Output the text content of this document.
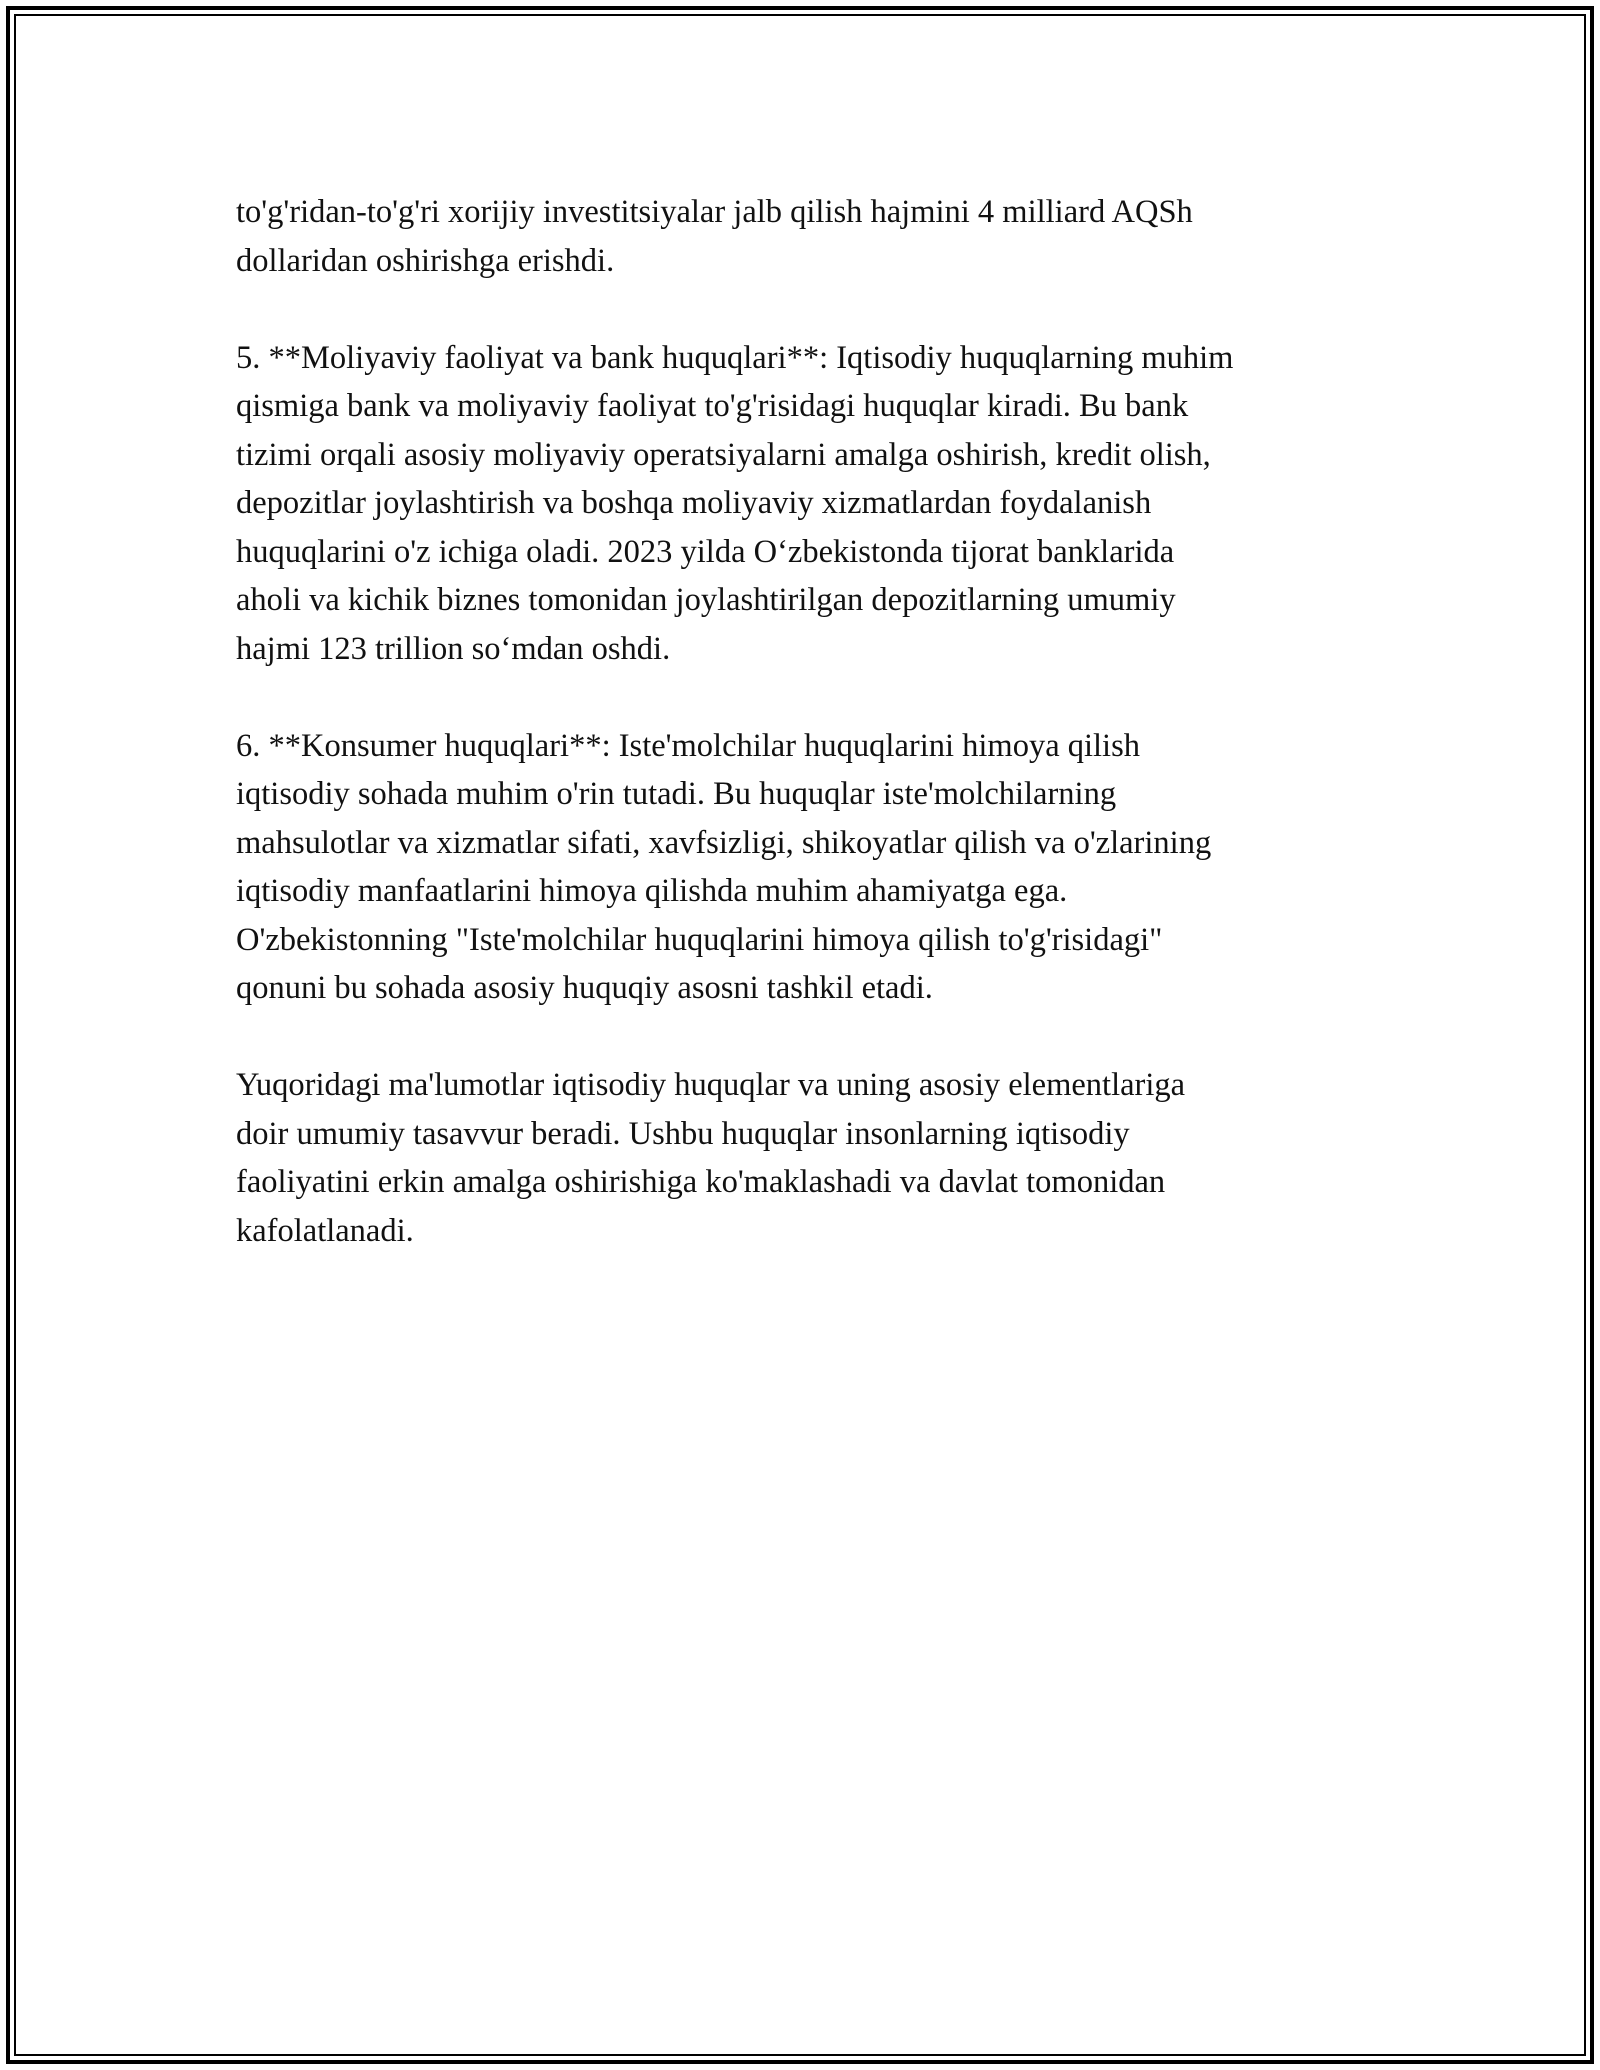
to'g'ridan-to'g'ri xorijiy investitsiyalar jalb qilish hajmini 4 milliard AQSh
dollaridan oshirishga erishdi.

5. **Moliyaviy faoliyat va bank huquqlari**: Iqtisodiy huquqlarning muhim
qismiga bank va moliyaviy faoliyat to'g'risidagi huquqlar kiradi. Bu bank
tizimi orqali asosiy moliyaviy operatsiyalarni amalga oshirish, kredit olish,
depozitlar joylashtirish va boshqa moliyaviy xizmatlardan foydalanish
huquqlarini o'z ichiga oladi. 2023 yilda O‘zbekistonda tijorat banklarida
aholi va kichik biznes tomonidan joylashtirilgan depozitlarning umumiy
hajmi 123 trillion so‘mdan oshdi.

6. **Konsumer huquqlari**: Iste'molchilar huquqlarini himoya qilish
iqtisodiy sohada muhim o'rin tutadi. Bu huquqlar iste'molchilarning
mahsulotlar va xizmatlar sifati, xavfsizligi, shikoyatlar qilish va o'zlarining
iqtisodiy manfaatlarini himoya qilishda muhim ahamiyatga ega.
O'zbekistonning "Iste'molchilar huquqlarini himoya qilish to'g'risidagi"
qonuni bu sohada asosiy huquqiy asosni tashkil etadi.

Yuqoridagi ma'lumotlar iqtisodiy huquqlar va uning asosiy elementlariga
doir umumiy tasavvur beradi. Ushbu huquqlar insonlarning iqtisodiy
faoliyatini erkin amalga oshirishiga ko'maklashadi va davlat tomonidan
kafolatlanadi.
